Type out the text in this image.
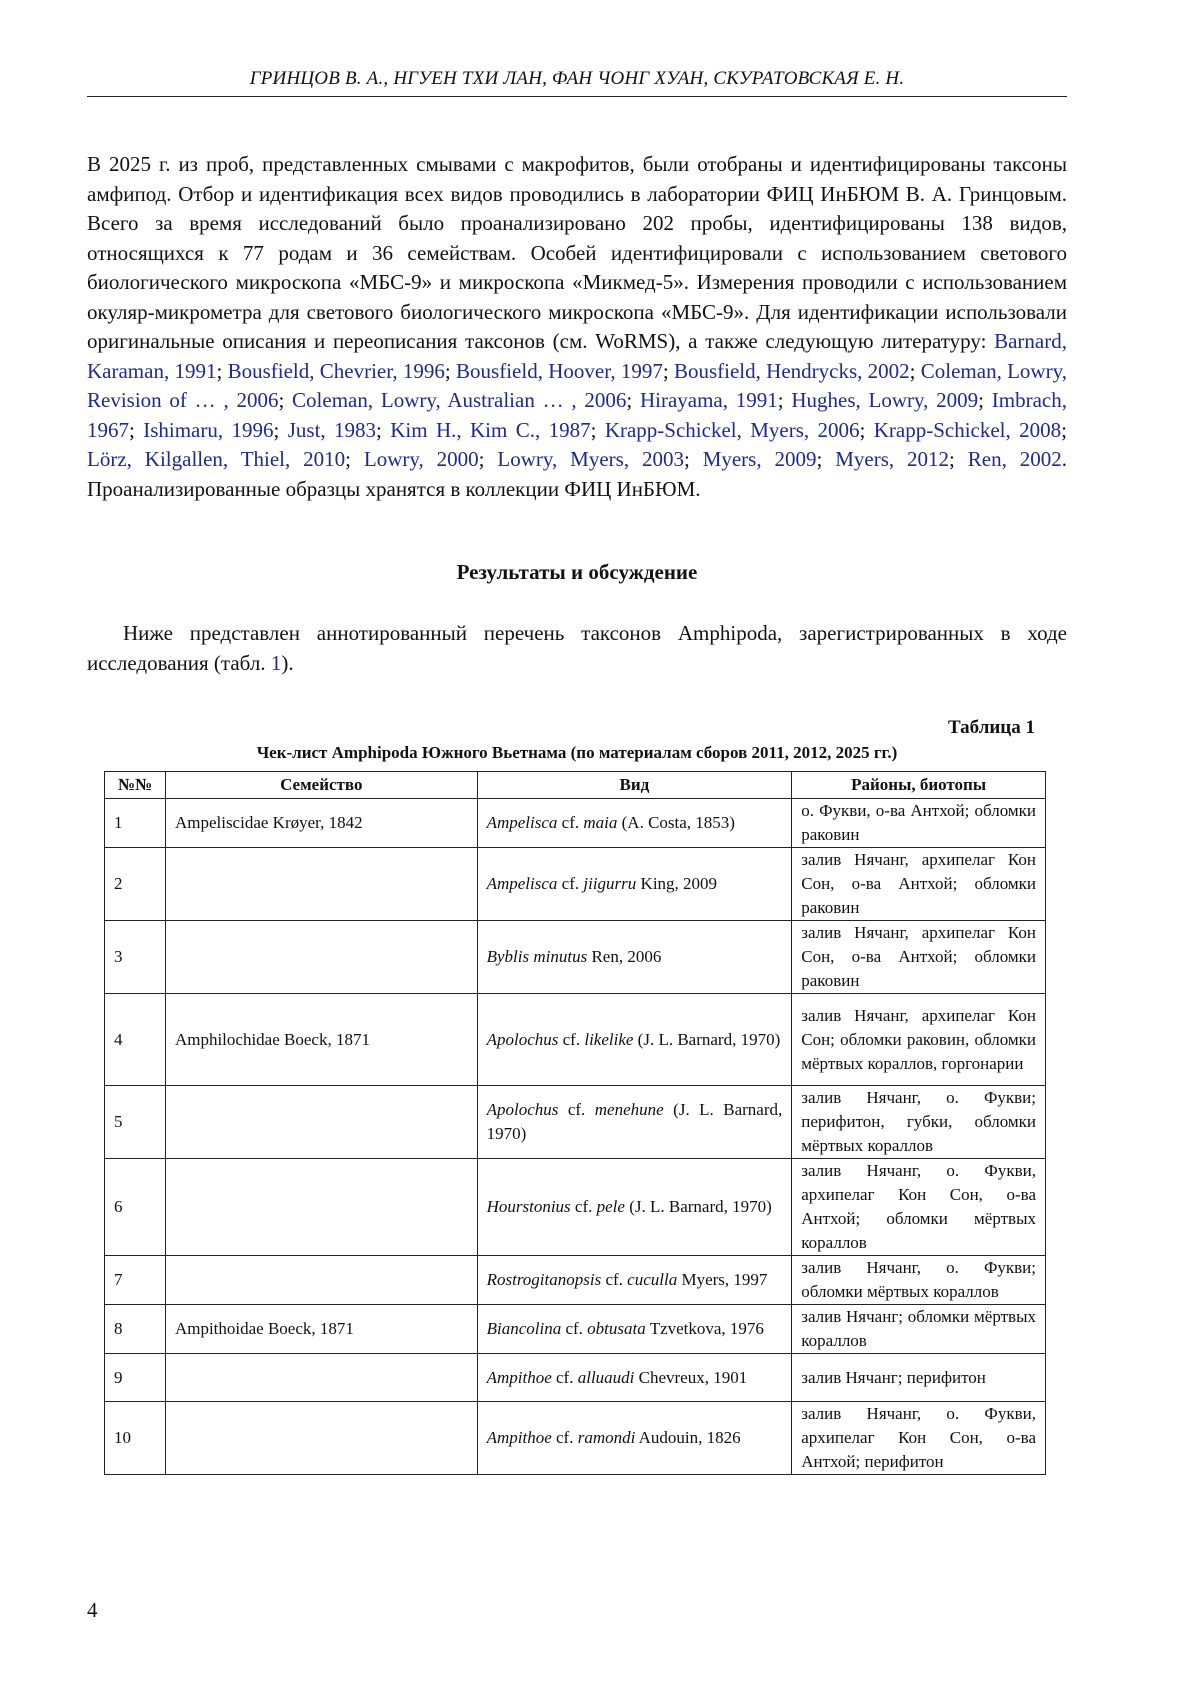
ГРИНЦОВ В. А., НГУЕН ТХИ ЛАН, ФАН ЧОНГ ХУАН, СКУРАТОВСКАЯ Е. Н.
В 2025 г. из проб, представленных смывами с макрофитов, были отобраны и идентифицированы таксоны амфипод. Отбор и идентификация всех видов проводились в лаборатории ФИЦ ИнБЮМ В. А. Гринцовым. Всего за время исследований было проанализировано 202 пробы, идентифицированы 138 видов, относящихся к 77 родам и 36 семействам. Особей идентифицировали с использованием светового биологического микроскопа «МБС-9» и микроскопа «Микмед-5». Измерения проводили с использованием окуляр-микрометра для светового биологического микроскопа «МБС-9». Для идентификации использовали оригинальные описания и переописания таксонов (см. WoRMS), а также следующую литературу: Barnard, Karaman, 1991; Bousfield, Chevrier, 1996; Bousfield, Hoover, 1997; Bousfield, Hendrycks, 2002; Coleman, Lowry, Revision of … , 2006; Coleman, Lowry, Australian … , 2006; Hirayama, 1991; Hughes, Lowry, 2009; Imbrach, 1967; Ishimaru, 1996; Just, 1983; Kim H., Kim C., 1987; Krapp-Schickel, Myers, 2006; Krapp-Schickel, 2008; Lörz, Kilgallen, Thiel, 2010; Lowry, 2000; Lowry, Myers, 2003; Myers, 2009; Myers, 2012; Ren, 2002. Проанализированные образцы хранятся в коллекции ФИЦ ИнБЮМ.
Результаты и обсуждение
Ниже представлен аннотированный перечень таксонов Amphipoda, зарегистрированных в ходе исследования (табл. 1).
Таблица 1
Чек-лист Amphipoda Южного Вьетнама (по материалам сборов 2011, 2012, 2025 гг.)
№№	Семейство	Вид	Районы, биотопы
1	Ampeliscidae Krøyer, 1842	Ampelisca cf. maia (A. Costa, 1853)	о. Фукви, о-ва Антхой; обломки раковин
2		Ampelisca cf. jiigurru King, 2009	залив Нячанг, архипелаг Кон Сон, о-ва Антхой; обломки раковин
3		Byblis minutus Ren, 2006	залив Нячанг, архипелаг Кон Сон, о-ва Антхой; обломки раковин
4	Amphilochidae Boeck, 1871	Apolochus cf. likelike (J. L. Barnard, 1970)	залив Нячанг, архипелаг Кон Сон; обломки раковин, обломки мёртвых кораллов, горгонарии
5		Apolochus cf. menehune (J. L. Barnard, 1970)	залив Нячанг, о. Фукви; перифитон, губки, обломки мёртвых кораллов
6		Hourstonius cf. pele (J. L. Barnard, 1970)	залив Нячанг, о. Фукви, архипелаг Кон Сон, о-ва Антхой; обломки мёртвых кораллов
7		Rostrogitanopsis cf. cuculla Myers, 1997	залив Нячанг, о. Фукви; обломки мёртвых кораллов
8	Ampithoidae Boeck, 1871	Biancolina cf. obtusata Tzvetkova, 1976	залив Нячанг; обломки мёртвых кораллов
9		Ampithoe cf. alluaudi Chevreux, 1901	залив Нячанг; перифитон
10		Ampithoe cf. ramondi Audouin, 1826	залив Нячанг, о. Фукви, архипелаг Кон Сон, о-ва Антхой; перифитон
4
